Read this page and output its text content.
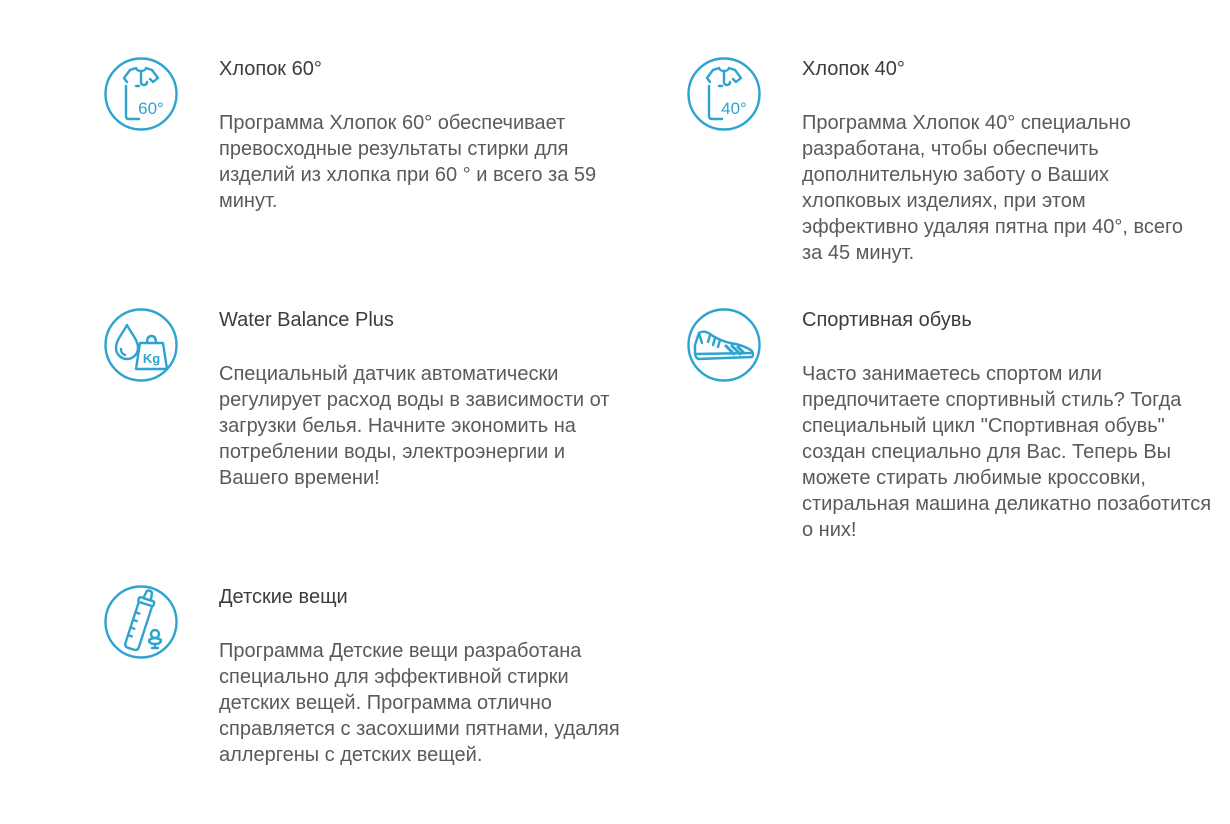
60°

Хлопок 60°

Программа Хлопок 60° обеспечивает превосходные результаты стирки для изделий из хлопка при 60 ° и всего за 59 минут.

40°

Хлопок 40°

Программа Хлопок 40° специально разработана, чтобы обеспечить дополнительную заботу о Ваших хлопковых изделиях, при этом эффективно удаляя пятна при 40°, всего за 45 минут.

Kg

Water Balance Plus

Специальный датчик автоматически регулирует расход воды в зависимости от загрузки белья. Начните экономить на потреблении воды, электроэнергии и Вашего времени!

Спортивная обувь

Часто занимаетесь спортом или предпочитаете спортивный стиль? Тогда специальный цикл "Спортивная обувь" создан специально для Вас. Теперь Вы можете стирать любимые кроссовки, стиральная машина деликатно позаботится о них!

Детские вещи

Программа Детские вещи разработана специально для эффективной стирки детских вещей. Программа отлично справляется с засохшими пятнами, удаляя аллергены с детских вещей.
